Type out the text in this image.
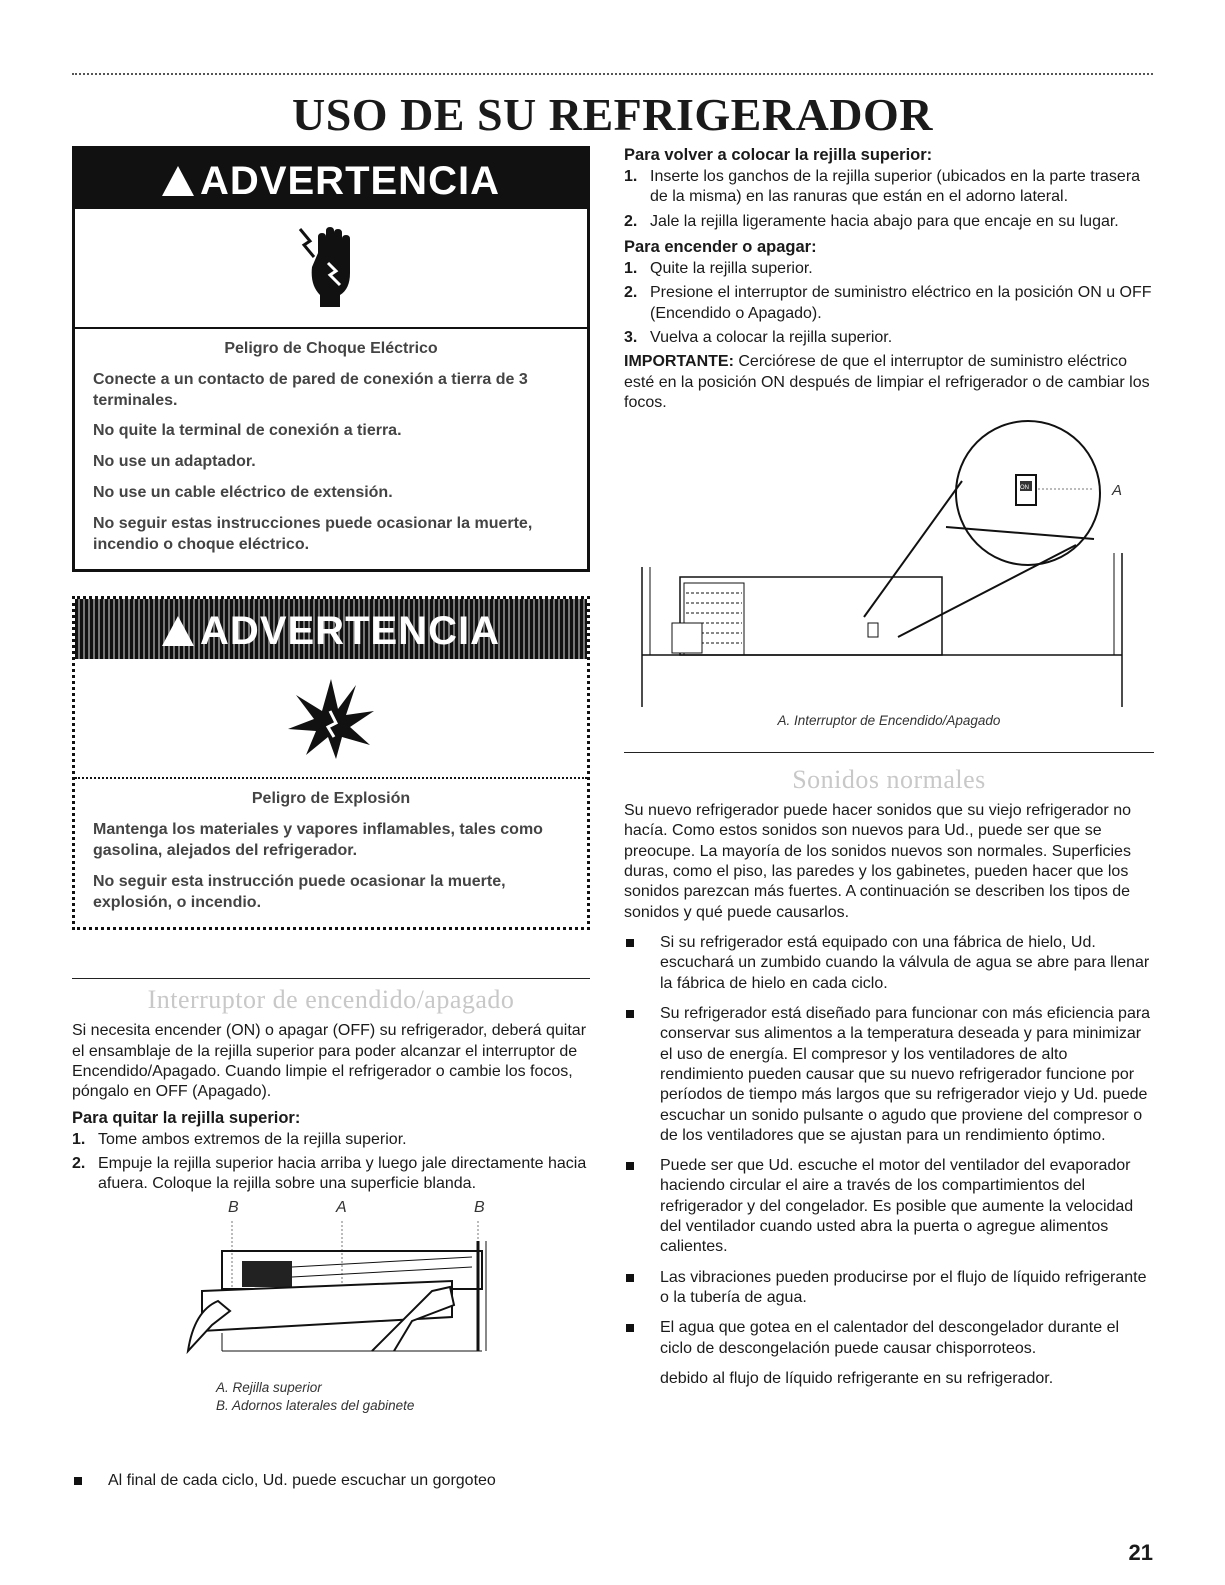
USO DE SU REFRIGERADOR
ADVERTENCIA
Peligro de Choque Eléctrico

Conecte a un contacto de pared de conexión a tierra de 3 terminales.

No quite la terminal de conexión a tierra.

No use un adaptador.

No use un cable eléctrico de extensión.

No seguir estas instrucciones puede ocasionar la muerte, incendio o choque eléctrico.

ADVERTENCIA
Peligro de Explosión

Mantenga los materiales y vapores inflamables, tales como gasolina, alejados del refrigerador.

No seguir esta instrucción puede ocasionar la muerte, explosión, o incendio.

Interruptor de encendido/apagado

Si necesita encender (ON) o apagar (OFF) su refrigerador, deberá quitar el ensamblaje de la rejilla superior para poder alcanzar el interruptor de Encendido/Apagado. Cuando limpie el refrigerador o cambie los focos, póngalo en OFF (Apagado).

Para quitar la rejilla superior:
1. Tome ambos extremos de la rejilla superior.
2. Empuje la rejilla superior hacia arriba y luego jale directamente hacia afuera. Coloque la rejilla sobre una superficie blanda.
B	A	B
A. Rejilla superior
B. Adornos laterales del gabinete
Al final de cada ciclo, Ud. puede escuchar un gorgoteo
Para volver a colocar la rejilla superior:
1. Inserte los ganchos de la rejilla superior (ubicados en la parte trasera de la misma) en las ranuras que están en el adorno lateral.
2. Jale la rejilla ligeramente hacia abajo para que encaje en su lugar.
Para encender o apagar:
1. Quite la rejilla superior.
2. Presione el interruptor de suministro eléctrico en la posición ON u OFF (Encendido o Apagado).
3. Vuelva a colocar la rejilla superior.

IMPORTANTE: Cerciórese de que el interruptor de suministro eléctrico esté en la posición ON después de limpiar el refrigerador o de cambiar los focos.

ON	A
A. Interruptor de Encendido/Apagado
Sonidos normales

Su nuevo refrigerador puede hacer sonidos que su viejo refrigerador no hacía. Como estos sonidos son nuevos para Ud., puede ser que se preocupe. La mayoría de los sonidos nuevos son normales. Superficies duras, como el piso, las paredes y los gabinetes, pueden hacer que los sonidos parezcan más fuertes. A continuación se describen los tipos de sonidos y qué puede causarlos.

Si su refrigerador está equipado con una fábrica de hielo, Ud. escuchará un zumbido cuando la válvula de agua se abre para llenar la fábrica de hielo en cada ciclo.
Su refrigerador está diseñado para funcionar con más eficiencia para conservar sus alimentos a la temperatura deseada y para minimizar el uso de energía. El compresor y los ventiladores de alto rendimiento pueden causar que su nuevo refrigerador funcione por períodos de tiempo más largos que su refrigerador viejo y Ud. puede escuchar un sonido pulsante o agudo que proviene del compresor o de los ventiladores que se ajustan para un rendimiento óptimo.
Puede ser que Ud. escuche el motor del ventilador del evaporador haciendo circular el aire a través de los compartimientos del refrigerador y del congelador. Es posible que aumente la velocidad del ventilador cuando usted abra la puerta o agregue alimentos calientes.
Las vibraciones pueden producirse por el flujo de líquido refrigerante o la tubería de agua.
El agua que gotea en el calentador del descongelador durante el ciclo de descongelación puede causar chisporroteos.

debido al flujo de líquido refrigerante en su refrigerador.

21
